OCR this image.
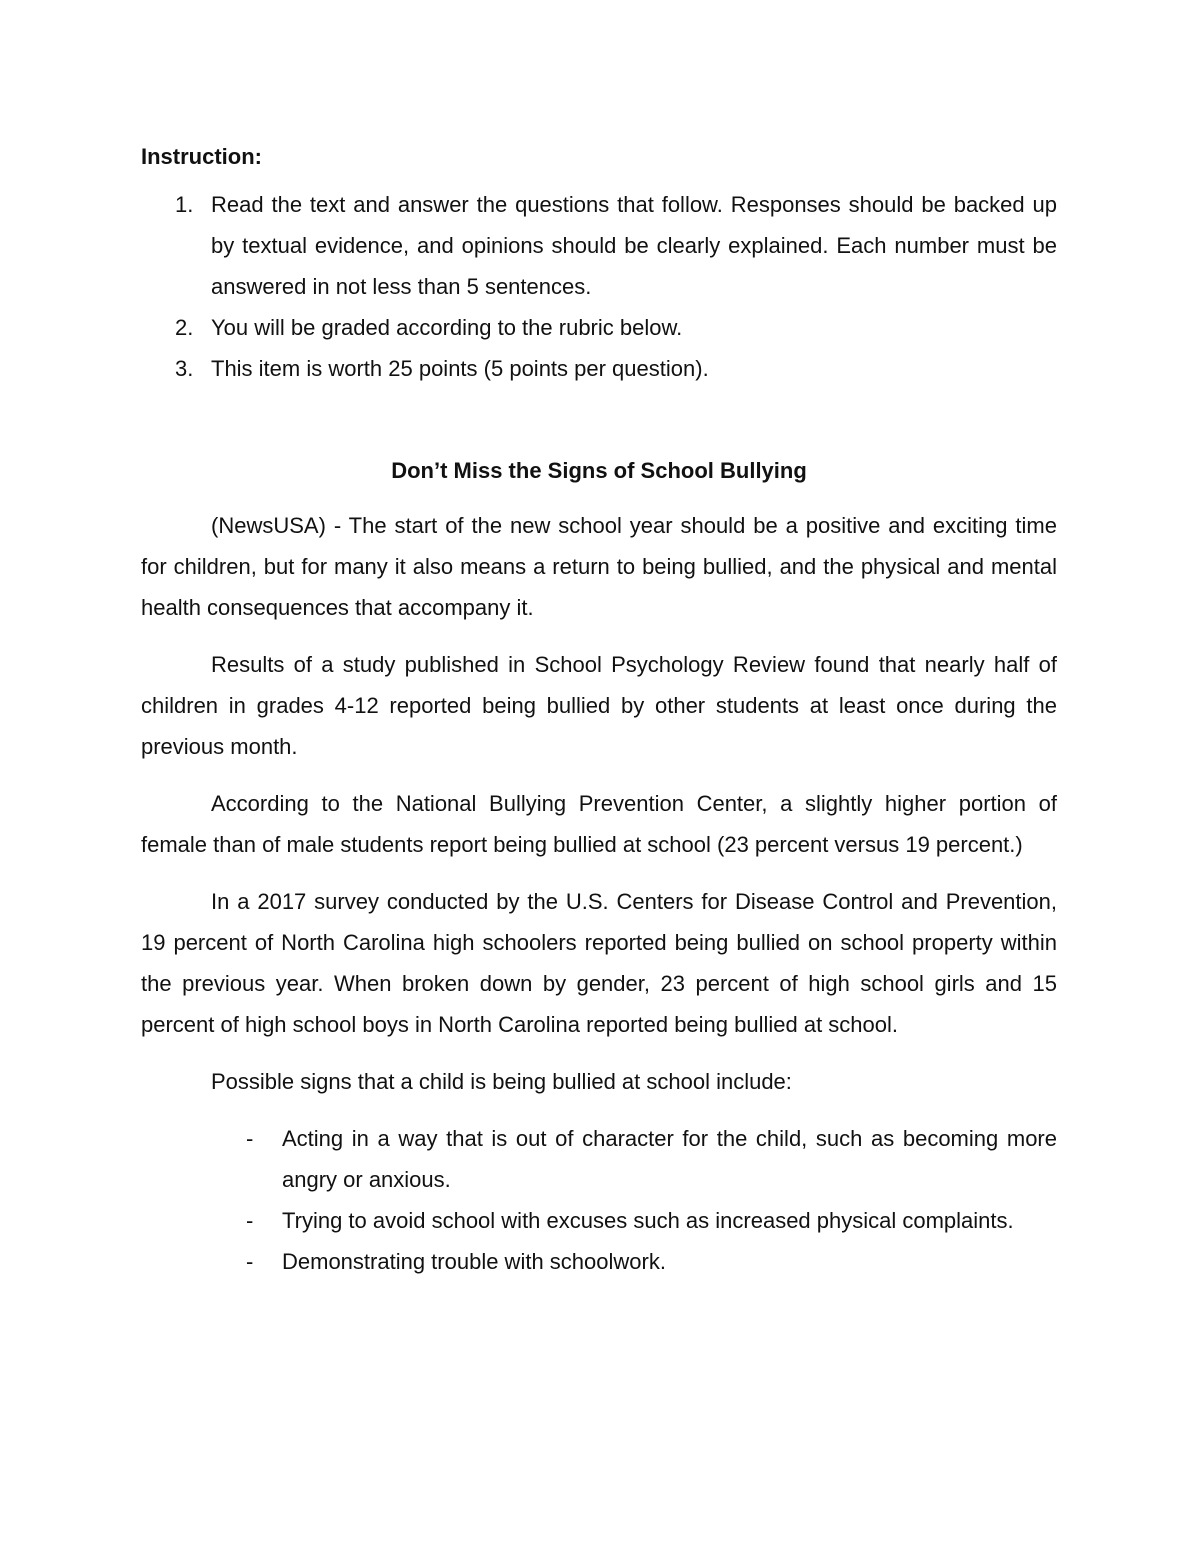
Instruction:
1. Read the text and answer the questions that follow. Responses should be backed up by textual evidence, and opinions should be clearly explained. Each number must be answered in not less than 5 sentences.
2. You will be graded according to the rubric below.
3. This item is worth 25 points (5 points per question).
Don’t Miss the Signs of School Bullying

(NewsUSA) - The start of the new school year should be a positive and exciting time for children, but for many it also means a return to being bullied, and the physical and mental health consequences that accompany it.

Results of a study published in School Psychology Review found that nearly half of children in grades 4-12 reported being bullied by other students at least once during the previous month.

According to the National Bullying Prevention Center, a slightly higher portion of female than of male students report being bullied at school (23 percent versus 19 percent.)

In a 2017 survey conducted by the U.S. Centers for Disease Control and Prevention, 19 percent of North Carolina high schoolers reported being bullied on school property within the previous year. When broken down by gender, 23 percent of high school girls and 15 percent of high school boys in North Carolina reported being bullied at school.

Possible signs that a child is being bullied at school include:

- Acting in a way that is out of character for the child, such as becoming more angry or anxious.
- Trying to avoid school with excuses such as increased physical complaints.
- Demonstrating trouble with schoolwork.
